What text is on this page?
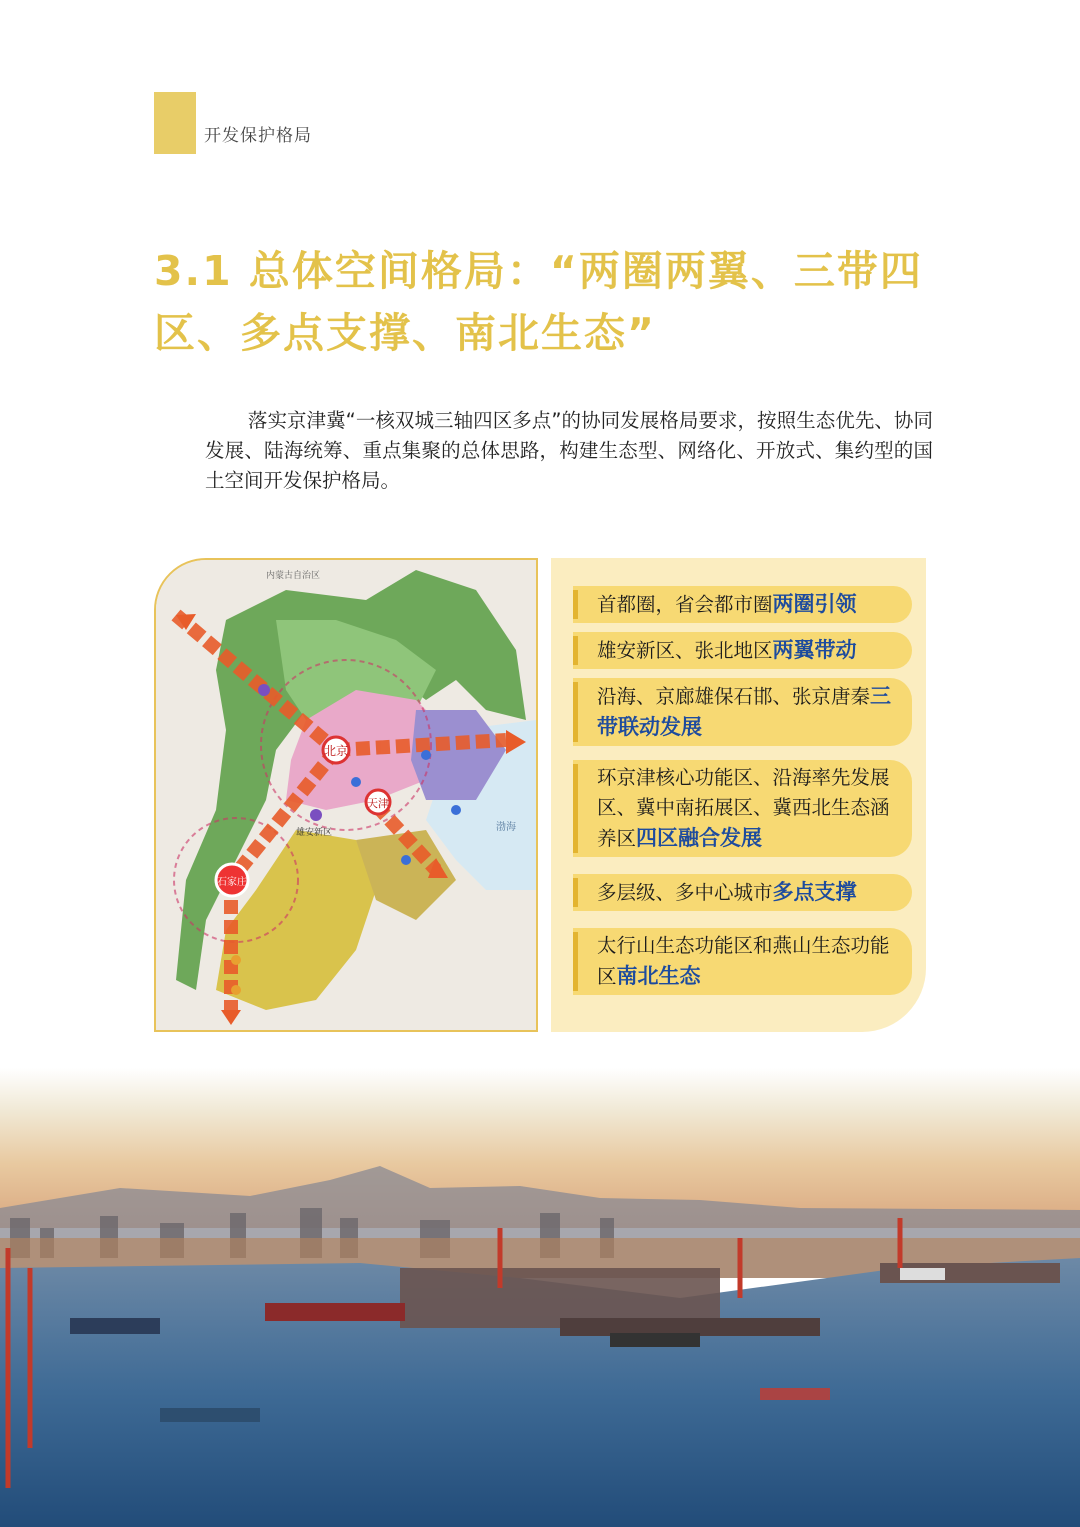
开发保护格局
3.1 总体空间格局：“两圈两翼、三带四
区、多点支撑、南北生态”

落实京津冀“一核双城三轴四区多点”的协同发展格局要求，按照生态优先、协同发展、陆海统筹、重点集聚的总体思路，构建生态型、网络化、开放式、集约型的国土空间开发保护格局。

北京
天津
石家庄
雄安新区
内蒙古自治区
渤海
首都圈，省会都市圈两圈引领
雄安新区、张北地区两翼带动
沿海、京廊雄保石邯、张京唐秦三带联动发展
环京津核心功能区、沿海率先发展区、冀中南拓展区、冀西北生态涵养区四区融合发展
多层级、多中心城市多点支撑
太行山生态功能区和燕山生态功能区南北生态
